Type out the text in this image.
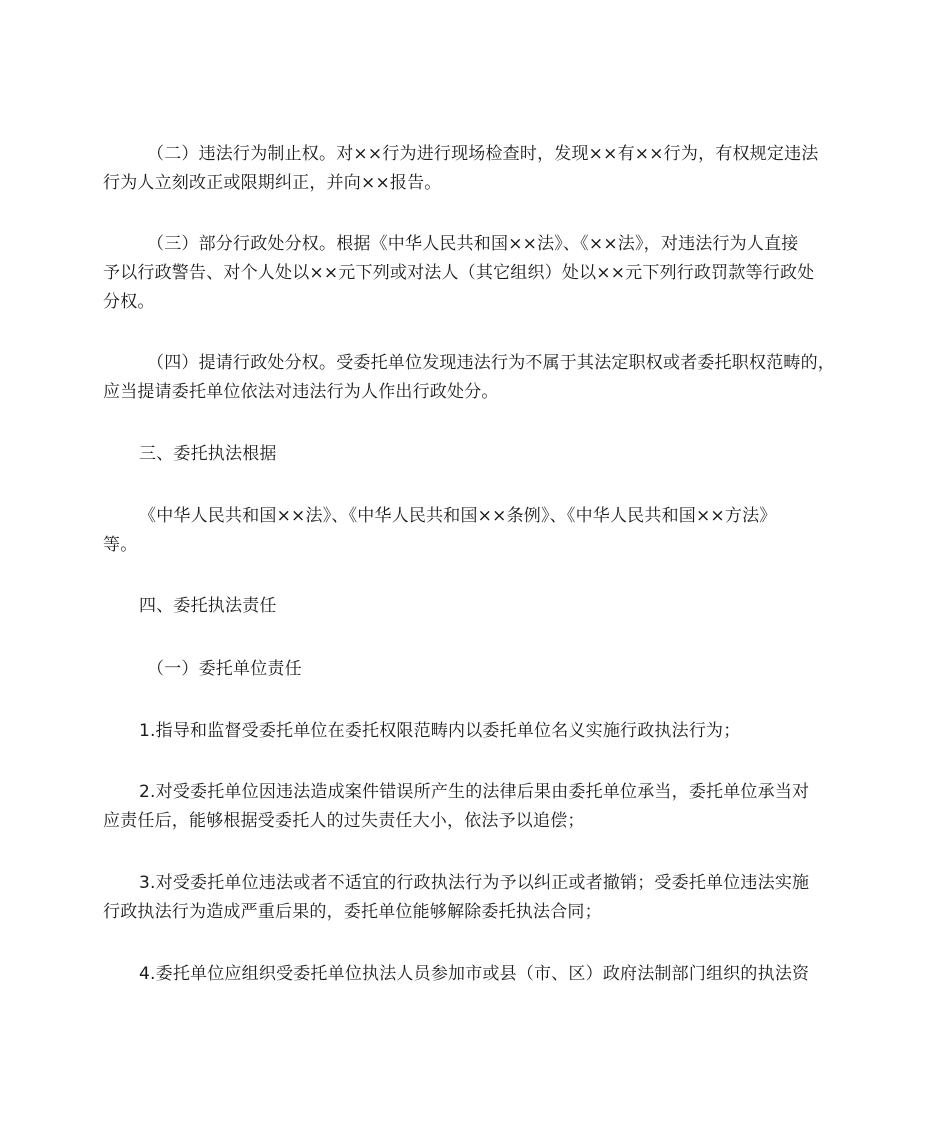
（二）违法行为制止权。对××行为进行现场检查时，发现××有××行为，有权规定违法
行为人立刻改正或限期纠正，并向××报告。
（三）部分行政处分权。根据《中华人民共和国××法》、《××法》，对违法行为人直接
予以行政警告、对个人处以××元下列或对法人（其它组织）处以××元下列行政罚款等行政处
分权。
（四）提请行政处分权。受委托单位发现违法行为不属于其法定职权或者委托职权范畴的，
应当提请委托单位依法对违法行为人作出行政处分。
三、委托执法根据
《中华人民共和国××法》、《中华人民共和国××条例》、《中华人民共和国××方法》
等。
四、委托执法责任
（一）委托单位责任
1.指导和监督受委托单位在委托权限范畴内以委托单位名义实施行政执法行为；
2.对受委托单位因违法造成案件错误所产生的法律后果由委托单位承当，委托单位承当对
应责任后，能够根据受委托人的过失责任大小，依法予以追偿；
3.对受委托单位违法或者不适宜的行政执法行为予以纠正或者撤销；受委托单位违法实施
行政执法行为造成严重后果的，委托单位能够解除委托执法合同；
4.委托单位应组织受委托单位执法人员参加市或县（市、区）政府法制部门组织的执法资
